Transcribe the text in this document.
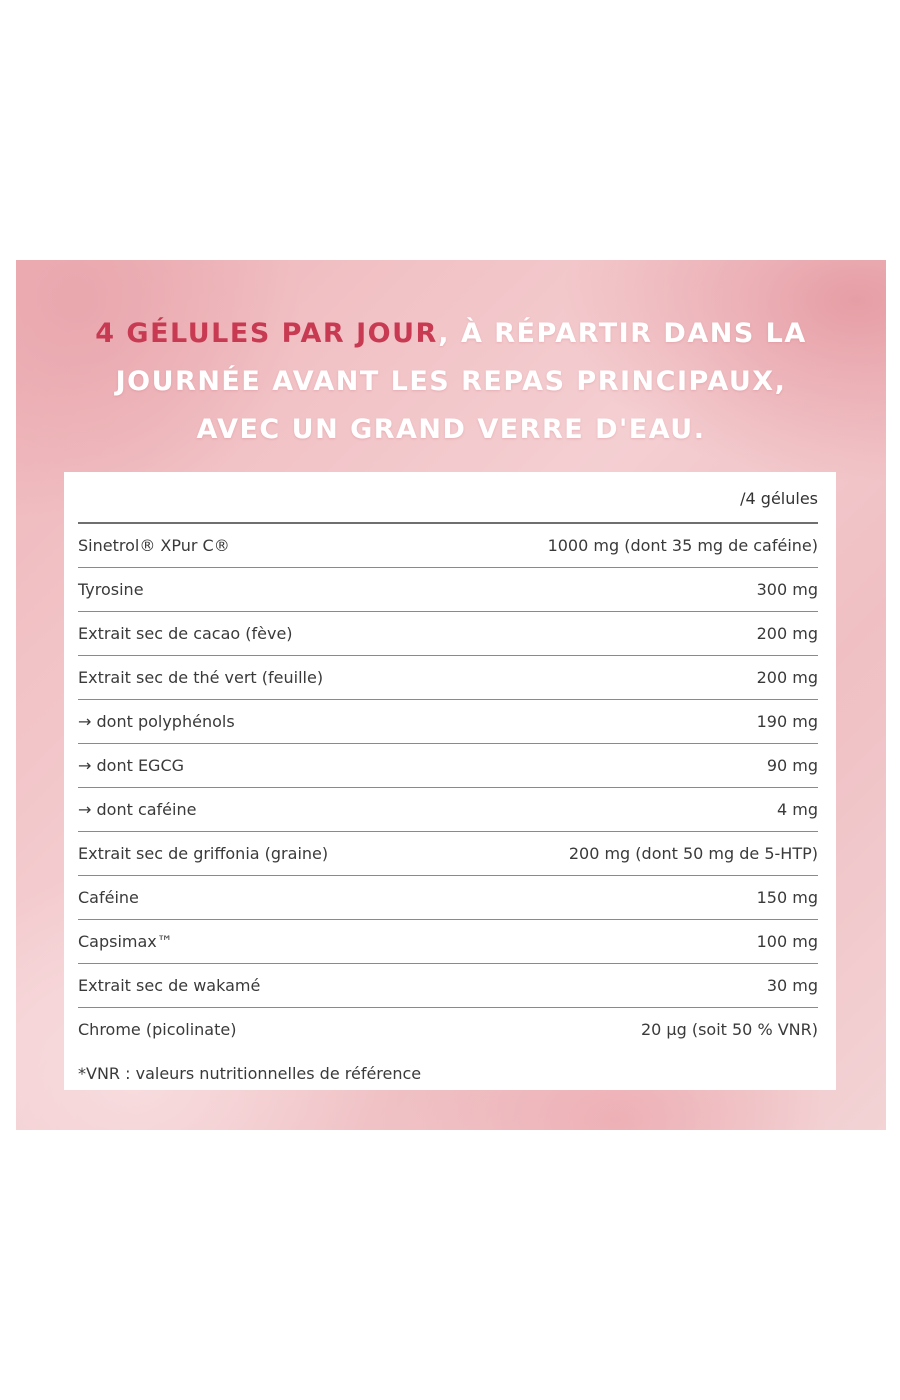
4 GÉLULES PAR JOUR, À RÉPARTIR DANS LA
JOURNÉE AVANT LES REPAS PRINCIPAUX,
AVEC UN GRAND VERRE D'EAU.
/4 gélules
Sinetrol® XPur C®	1000 mg (dont 35 mg de caféine)
Tyrosine	300 mg
Extrait sec de cacao (fève)	200 mg
Extrait sec de thé vert (feuille)	200 mg
→ dont polyphénols	190 mg
→ dont EGCG	90 mg
→ dont caféine	4 mg
Extrait sec de griffonia (graine)	200 mg (dont 50 mg de 5-HTP)
Caféine	150 mg
Capsimax™	100 mg
Extrait sec de wakamé	30 mg
Chrome (picolinate)	20 µg (soit 50 % VNR)
*VNR : valeurs nutritionnelles de référence
